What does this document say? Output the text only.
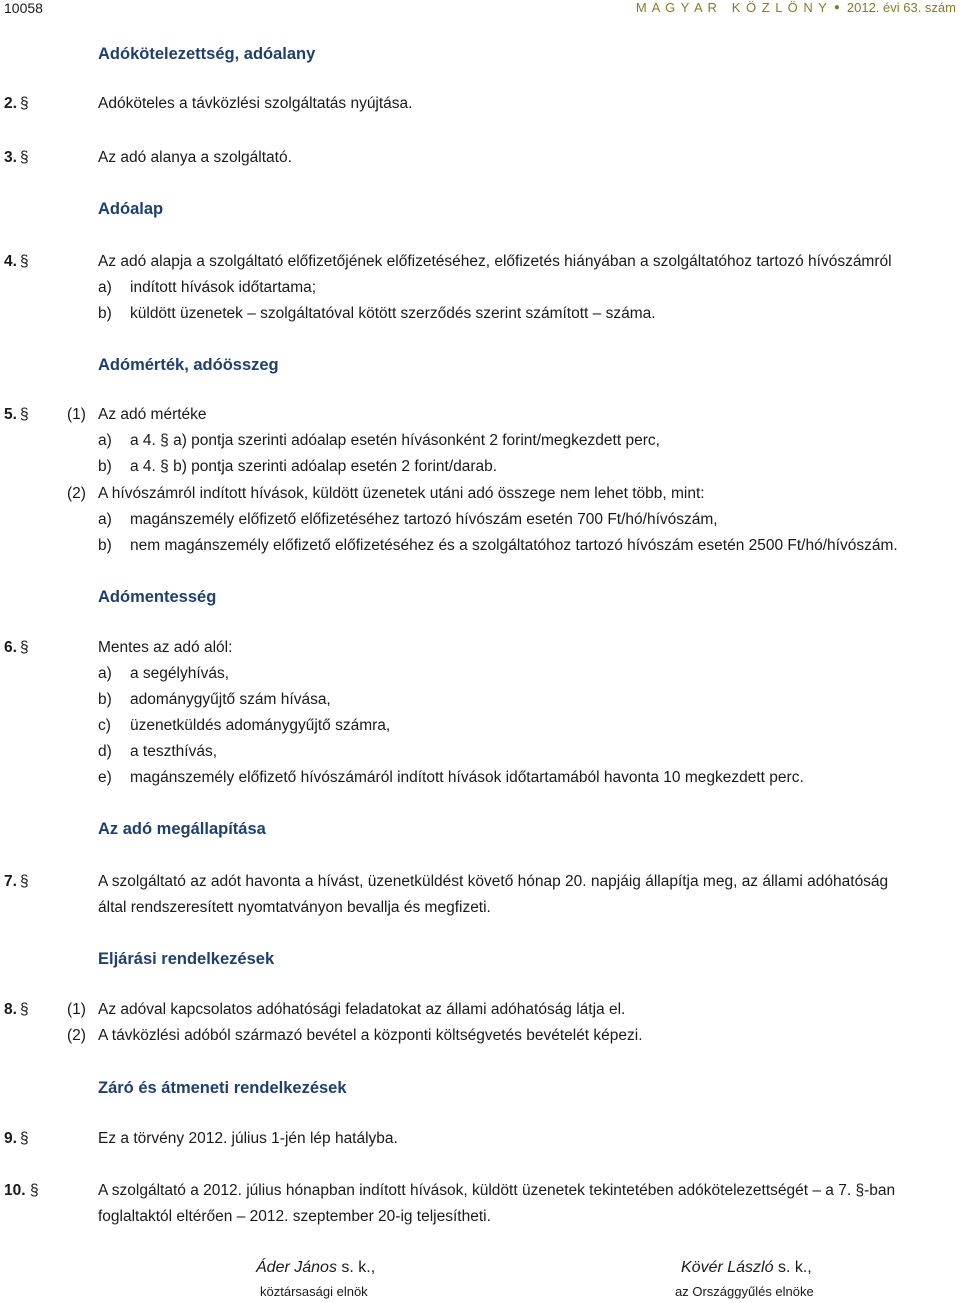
10058	M A G Y A R   K Ö Z L Ö N Y ● 2012. évi 63. szám
Adókötelezettség, adóalany
2. §	Adóköteles a távközlési szolgáltatás nyújtása.
3. §	Az adó alanya a szolgáltató.
Adóalap
4. §	Az adó alapja a szolgáltató előfizetőjének előfizetéséhez, előfizetés hiányában a szolgáltatóhoz tartozó hívószámról
a) indított hívások időtartama;
b) küldött üzenetek – szolgáltatóval kötött szerződés szerint számított – száma.
Adómérték, adóösszeg
5. § (1) Az adó mértéke
a) a 4. § a) pontja szerinti adóalap esetén hívásonként 2 forint/megkezdett perc,
b) a 4. § b) pontja szerinti adóalap esetén 2 forint/darab.
(2) A hívószámról indított hívások, küldött üzenetek utáni adó összege nem lehet több, mint:
a) magánszemély előfizető előfizetéséhez tartozó hívószám esetén 700 Ft/hó/hívószám,
b) nem magánszemély előfizető előfizetéséhez és a szolgáltatóhoz tartozó hívószám esetén 2500 Ft/hó/hívószám.
Adómentesség
6. §	Mentes az adó alól:
a) a segélyhívás,
b) adománygyűjtő szám hívása,
c) üzenetküldés adománygyűjtő számra,
d) a teszthívás,
e) magánszemély előfizető hívószámáról indított hívások időtartamából havonta 10 megkezdett perc.
Az adó megállapítása
7. §	A szolgáltató az adót havonta a hívást, üzenetküldést követő hónap 20. napjáig állapítja meg, az állami adóhatóság
által rendszeresített nyomtatványon bevallja és megfizeti.
Eljárási rendelkezések
8. § (1) Az adóval kapcsolatos adóhatósági feladatokat az állami adóhatóság látja el.
(2) A távközlési adóból származó bevétel a központi költségvetés bevételét képezi.
Záró és átmeneti rendelkezések
9. §	Ez a törvény 2012. július 1-jén lép hatályba.
10. §	A szolgáltató a 2012. július hónapban indított hívások, küldött üzenetek tekintetében adókötelezettségét – a 7. §-ban
foglaltaktól eltérően – 2012. szeptember 20-ig teljesítheti.
Áder János s. k.,
köztársasági elnök
Kövér László s. k.,
az Országgyűlés elnöke
